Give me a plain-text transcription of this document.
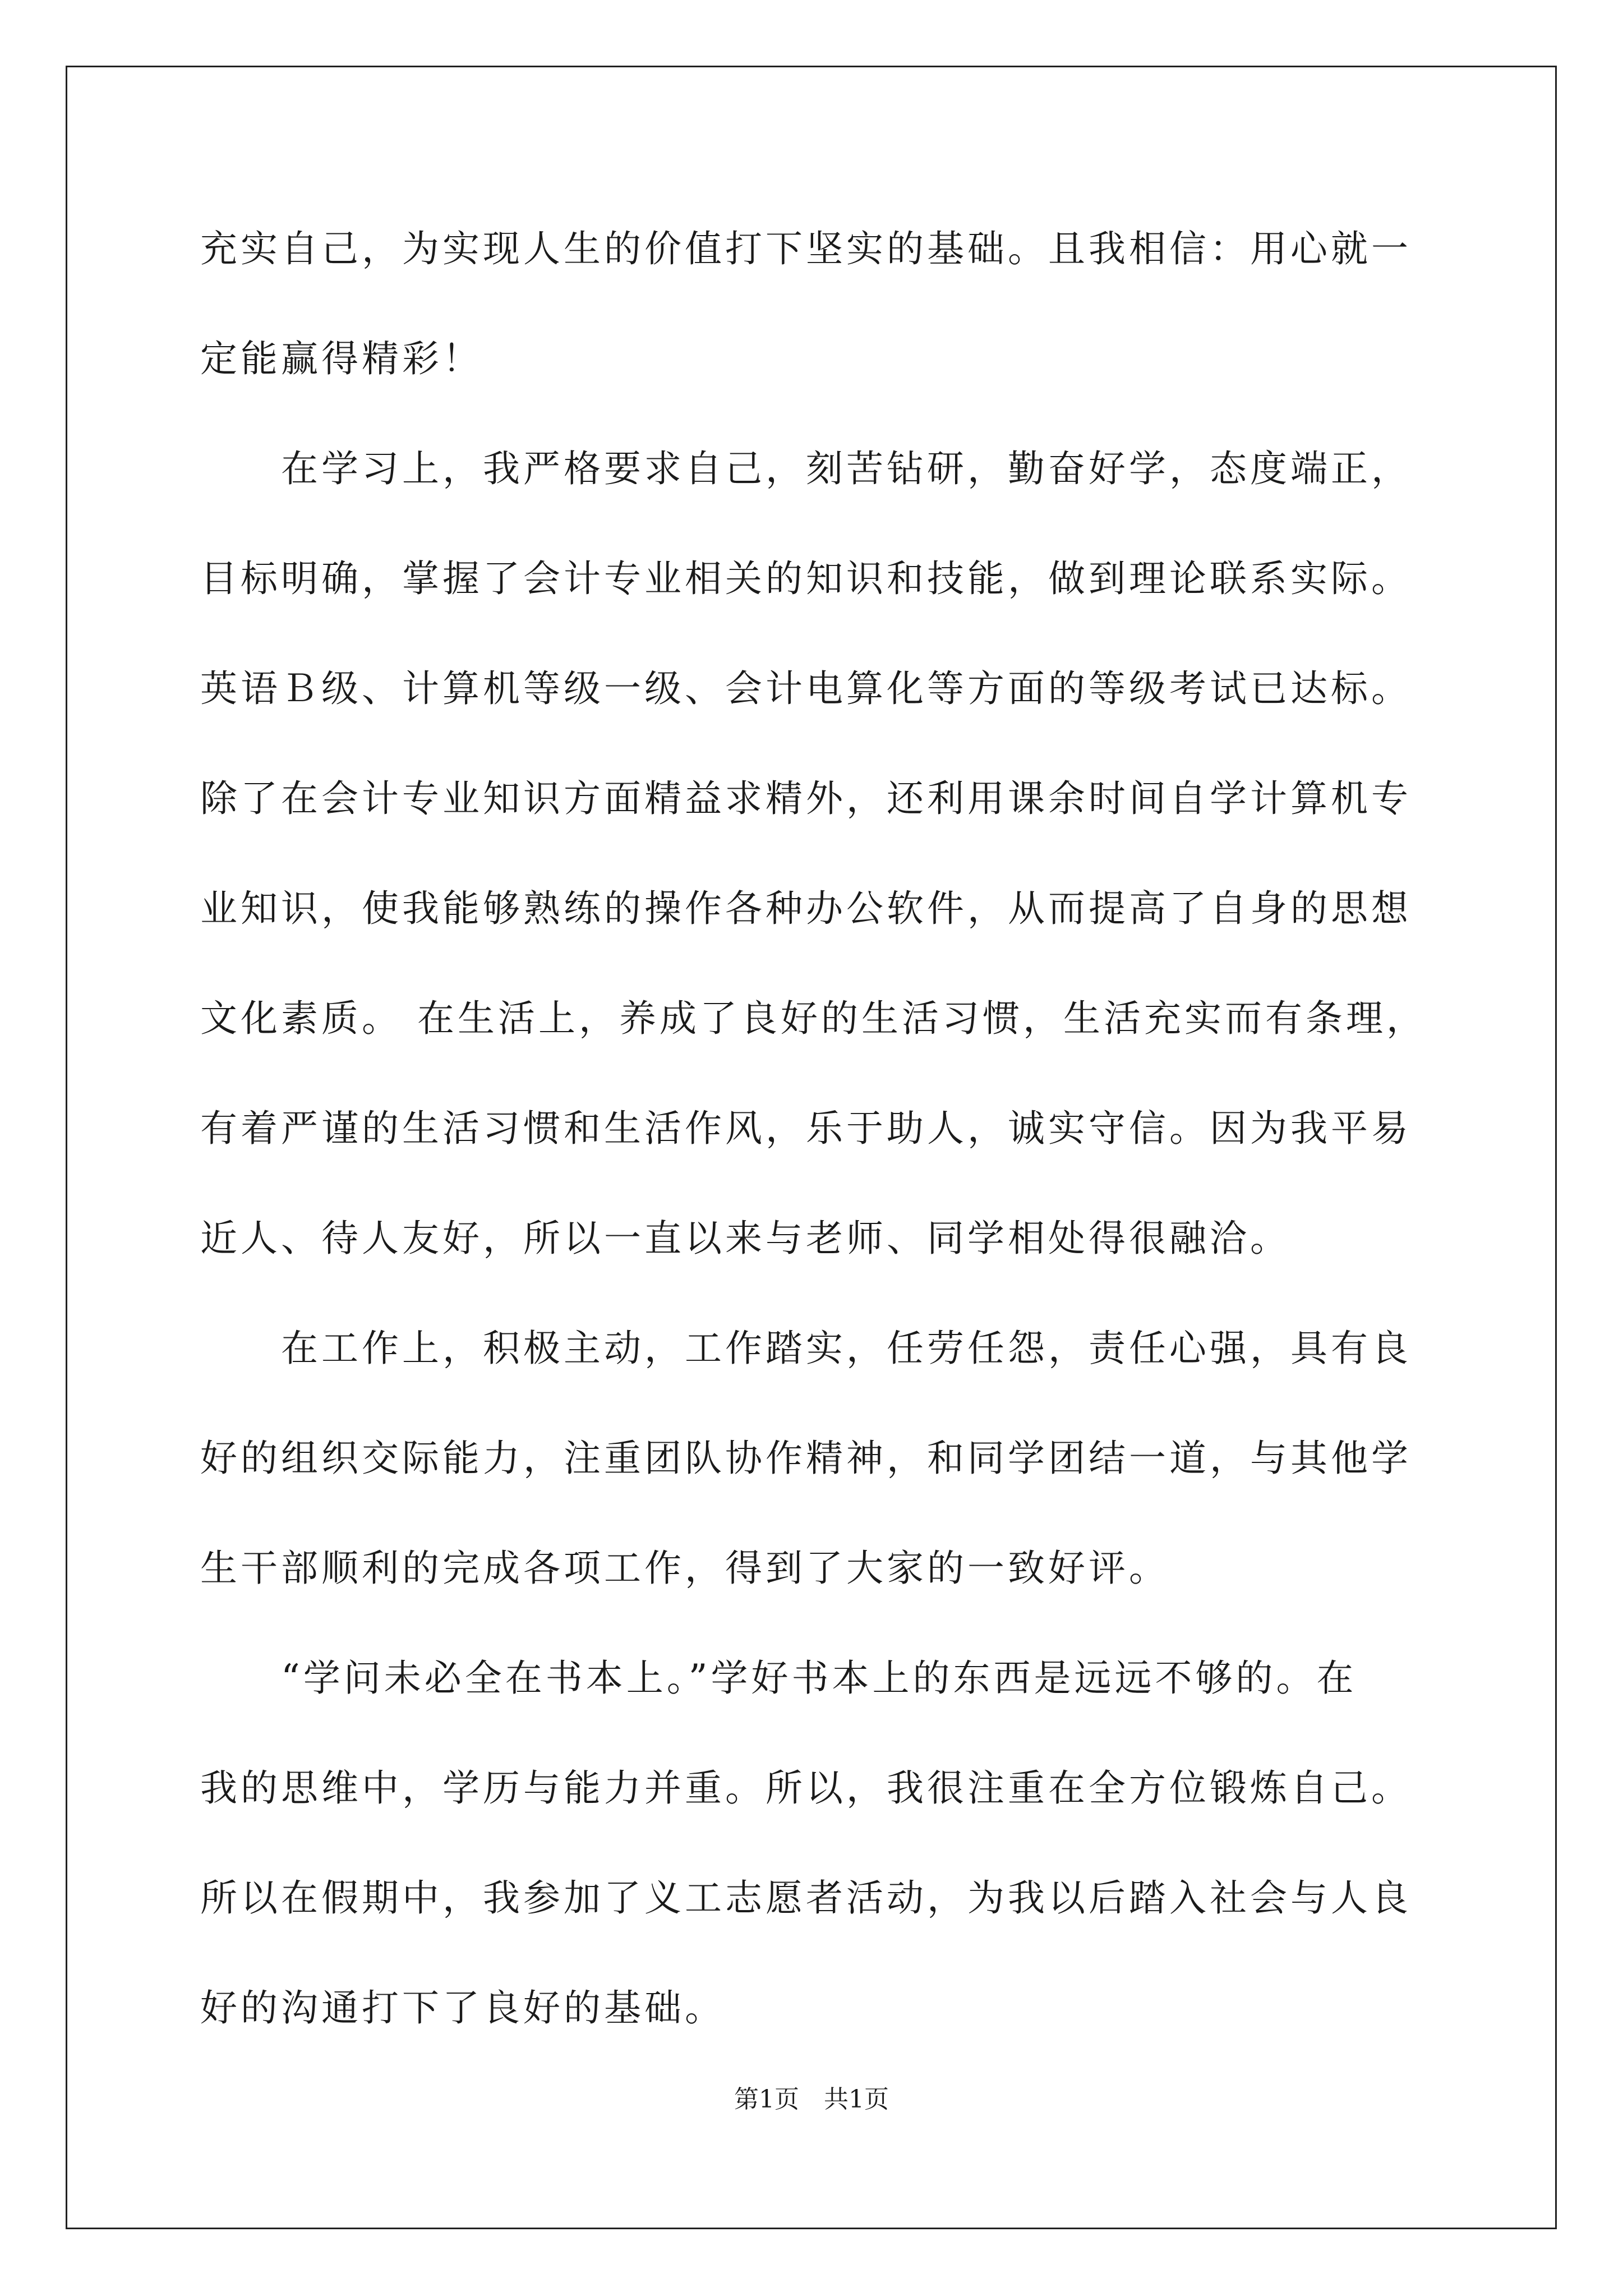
充实自己，为实现人生的价值打下坚实的基础。且我相信：用心就一
定能赢得精彩！
　　在学习上，我严格要求自己，刻苦钻研，勤奋好学，态度端正，
目标明确，掌握了会计专业相关的知识和技能，做到理论联系实际。
英语Ｂ级、计算机等级一级、会计电算化等方面的等级考试已达标。
除了在会计专业知识方面精益求精外，还利用课余时间自学计算机专
业知识，使我能够熟练的操作各种办公软件，从而提高了自身的思想
文化素质。 在生活上，养成了良好的生活习惯，生活充实而有条理，
有着严谨的生活习惯和生活作风，乐于助人，诚实守信。因为我平易
近人、待人友好，所以一直以来与老师、同学相处得很融洽。
　　在工作上，积极主动，工作踏实，任劳任怨，责任心强，具有良
好的组织交际能力，注重团队协作精神，和同学团结一道，与其他学
生干部顺利的完成各项工作，得到了大家的一致好评。
　　“学问未必全在书本上。”学好书本上的东西是远远不够的。在
我的思维中，学历与能力并重。所以，我很注重在全方位锻炼自己。
所以在假期中，我参加了义工志愿者活动，为我以后踏入社会与人良
好的沟通打下了良好的基础。
第1页　共1页
